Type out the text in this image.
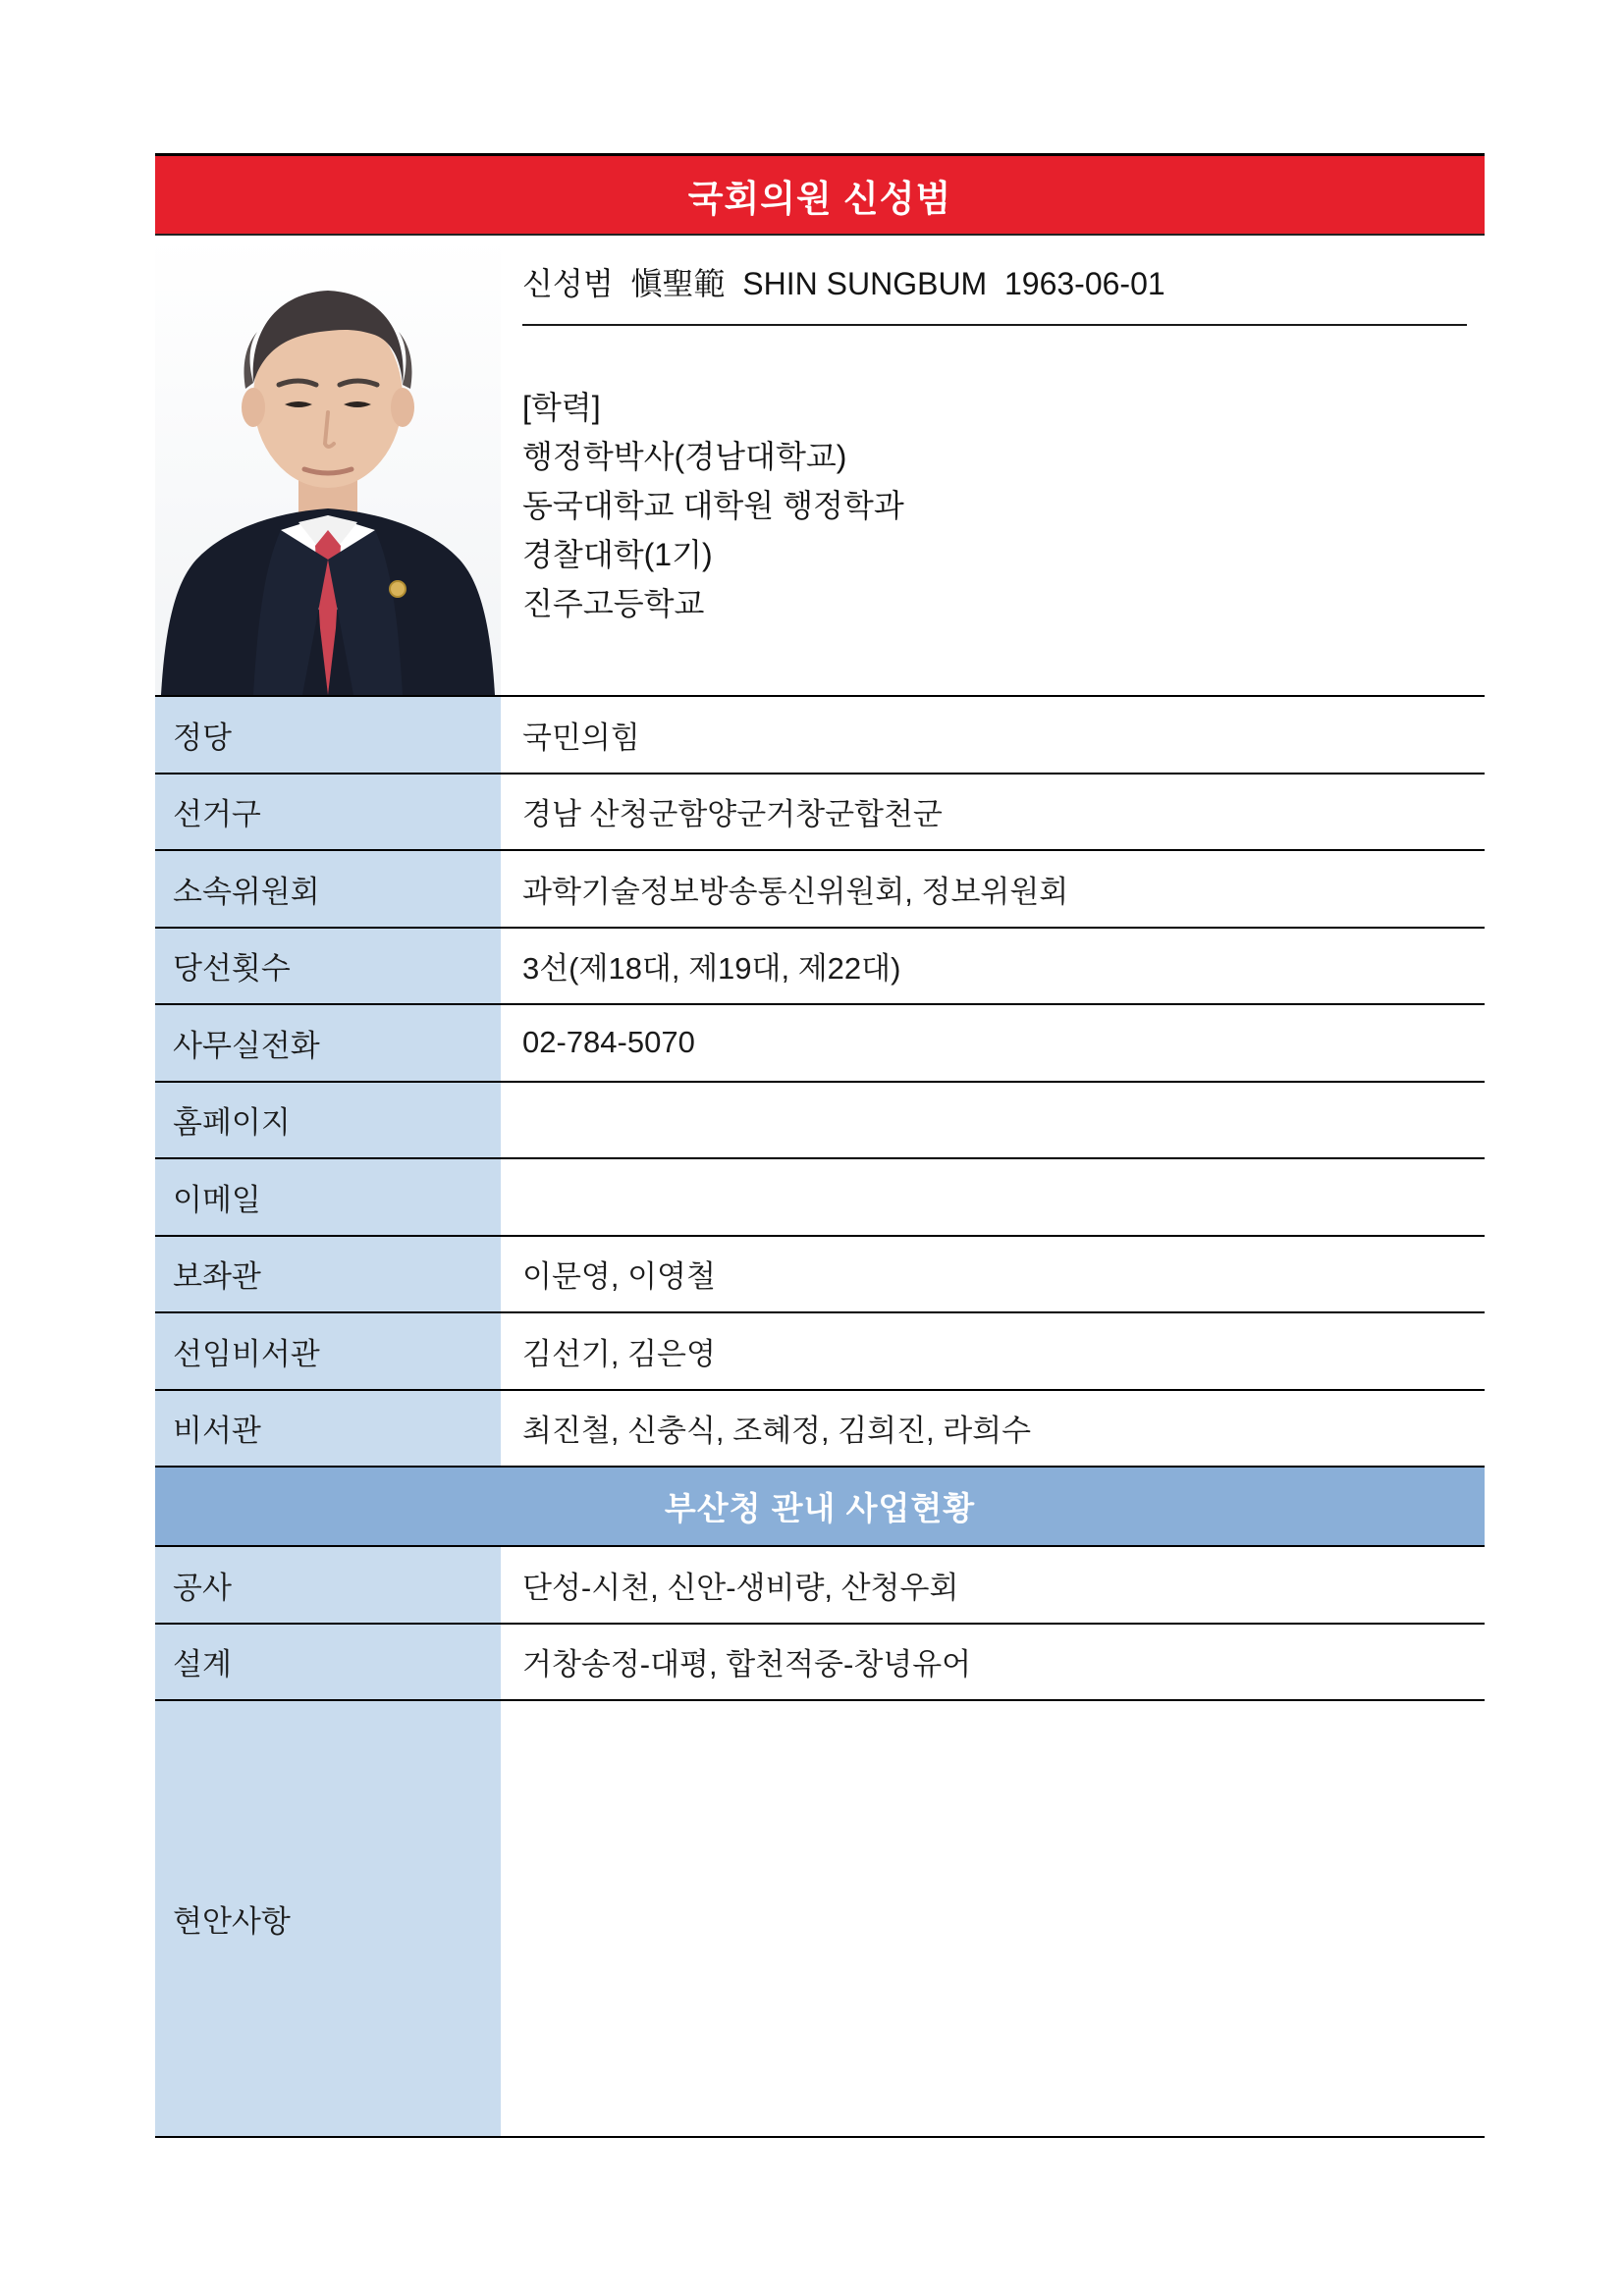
국회의원 신성범
신성범  愼聖範  SHIN SUNGBUM  1963-06-01
[학력]
행정학박사(경남대학교)
동국대학교 대학원 행정학과
경찰대학(1기)
진주고등학교
정당	국민의힘
선거구	경남 산청군함양군거창군합천군
소속위원회	과학기술정보방송통신위원회, 정보위원회
당선횟수	3선(제18대, 제19대, 제22대)
사무실전화	02-784-5070
홈페이지
이메일
보좌관	이문영, 이영철
선임비서관	김선기, 김은영
비서관	최진철, 신충식, 조혜정, 김희진, 라희수
부산청 관내 사업현황
공사	단성-시천, 신안-생비량, 산청우회
설계	거창송정-대평, 합천적중-창녕유어
현안사항
